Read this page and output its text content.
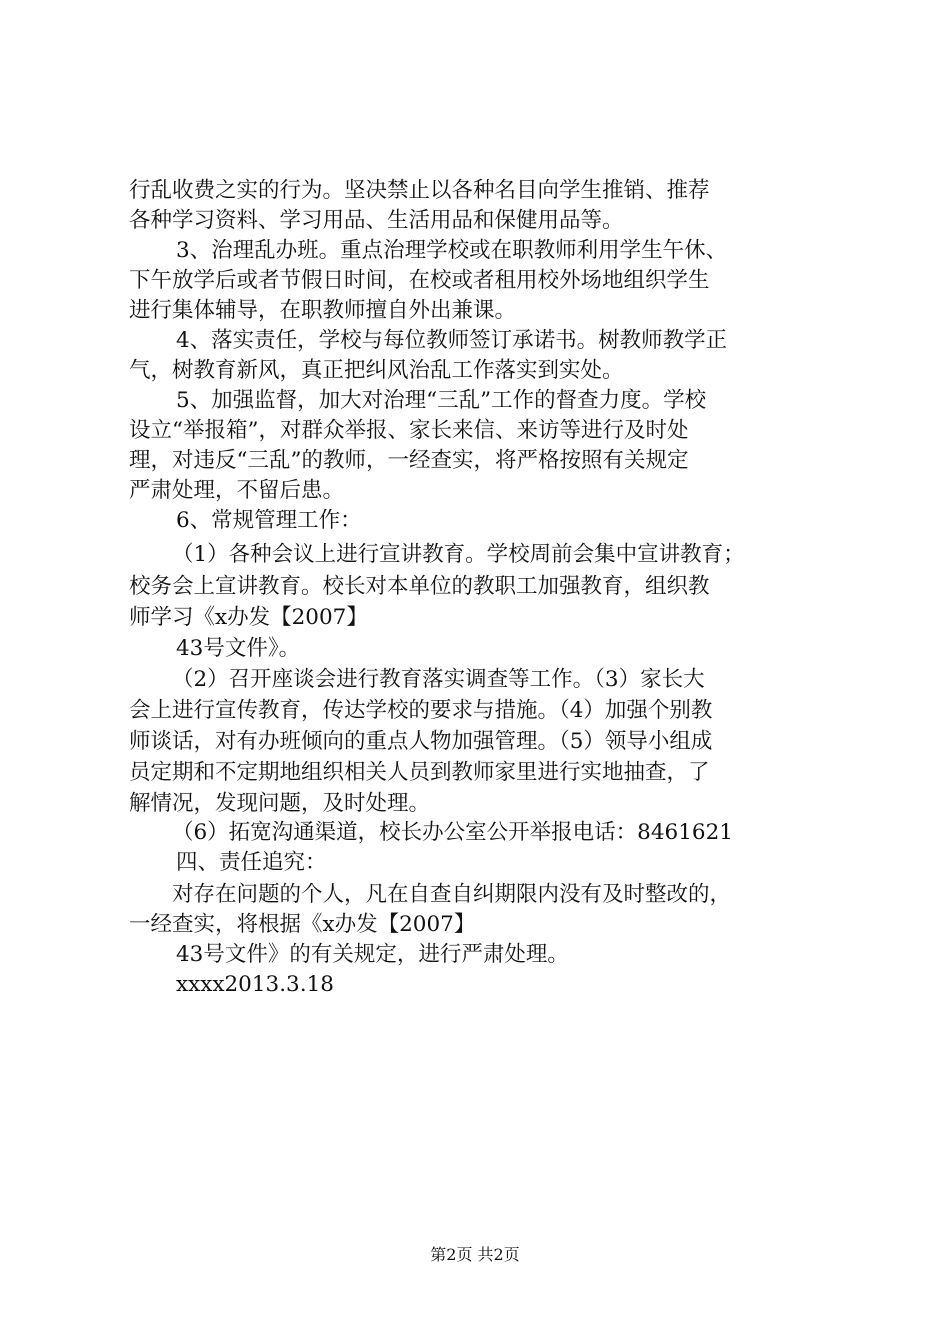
行乱收费之实的行为。坚决禁止以各种名目向学生推销、推荐
各种学习资料、学习用品、生活用品和保健用品等。
3、治理乱办班。重点治理学校或在职教师利用学生午休、
下午放学后或者节假日时间，在校或者租用校外场地组织学生
进行集体辅导，在职教师擅自外出兼课。
4、落实责任，学校与每位教师签订承诺书。树教师教学正
气，树教育新风，真正把纠风治乱工作落实到实处。
5、加强监督，加大对治理“三乱”工作的督查力度。学校
设立“举报箱”，对群众举报、家长来信、来访等进行及时处
理，对违反“三乱”的教师，一经查实，将严格按照有关规定
严肃处理，不留后患。
6、常规管理工作：
（1）各种会议上进行宣讲教育。学校周前会集中宣讲教育；
校务会上宣讲教育。校长对本单位的教职工加强教育，组织教
师学习《x办发【2007】
43号文件》。
（2）召开座谈会进行教育落实调查等工作。（3）家长大
会上进行宣传教育，传达学校的要求与措施。（4）加强个别教
师谈话，对有办班倾向的重点人物加强管理。（5）领导小组成
员定期和不定期地组织相关人员到教师家里进行实地抽查，了
解情况，发现问题，及时处理。
（6）拓宽沟通渠道，校长办公室公开举报电话：8461621
四、责任追究：
对存在问题的个人，凡在自查自纠期限内没有及时整改的，
一经查实，将根据《x办发【2007】
43号文件》的有关规定，进行严肃处理。
xxxx2013.3.18
第2页 共2页
